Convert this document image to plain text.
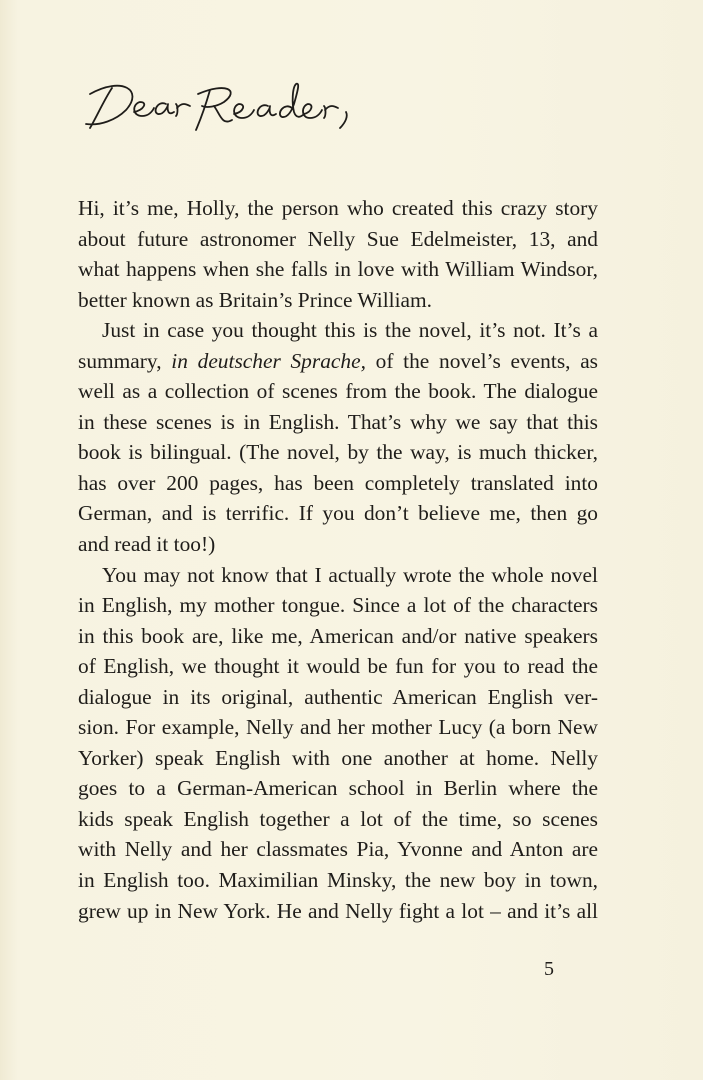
Hi, it’s me, Holly, the person who created this crazy story
about future astronomer Nelly Sue Edelmeister, 13, and
what happens when she falls in love with William Windsor,
better known as Britain’s Prince William.
Just in case you thought this is the novel, it’s not. It’s a
summary, in deutscher Sprache, of the novel’s events, as
well as a collection of scenes from the book. The dialogue
in these scenes is in English. That’s why we say that this
book is bilingual. (The novel, by the way, is much thicker,
has over 200 pages, has been completely translated into
German, and is terrific. If you don’t believe me, then go
and read it too!)
You may not know that I actually wrote the whole novel
in English, my mother tongue. Since a lot of the characters
in this book are, like me, American and/or native speakers
of English, we thought it would be fun for you to read the
dialogue in its original, authentic American English ver-
sion. For example, Nelly and her mother Lucy (a born New
Yorker) speak English with one another at home. Nelly
goes to a German-American school in Berlin where the
kids speak English together a lot of the time, so scenes
with Nelly and her classmates Pia, Yvonne and Anton are
in English too. Maximilian Minsky, the new boy in town,
grew up in New York. He and Nelly fight a lot – and it’s all
5
